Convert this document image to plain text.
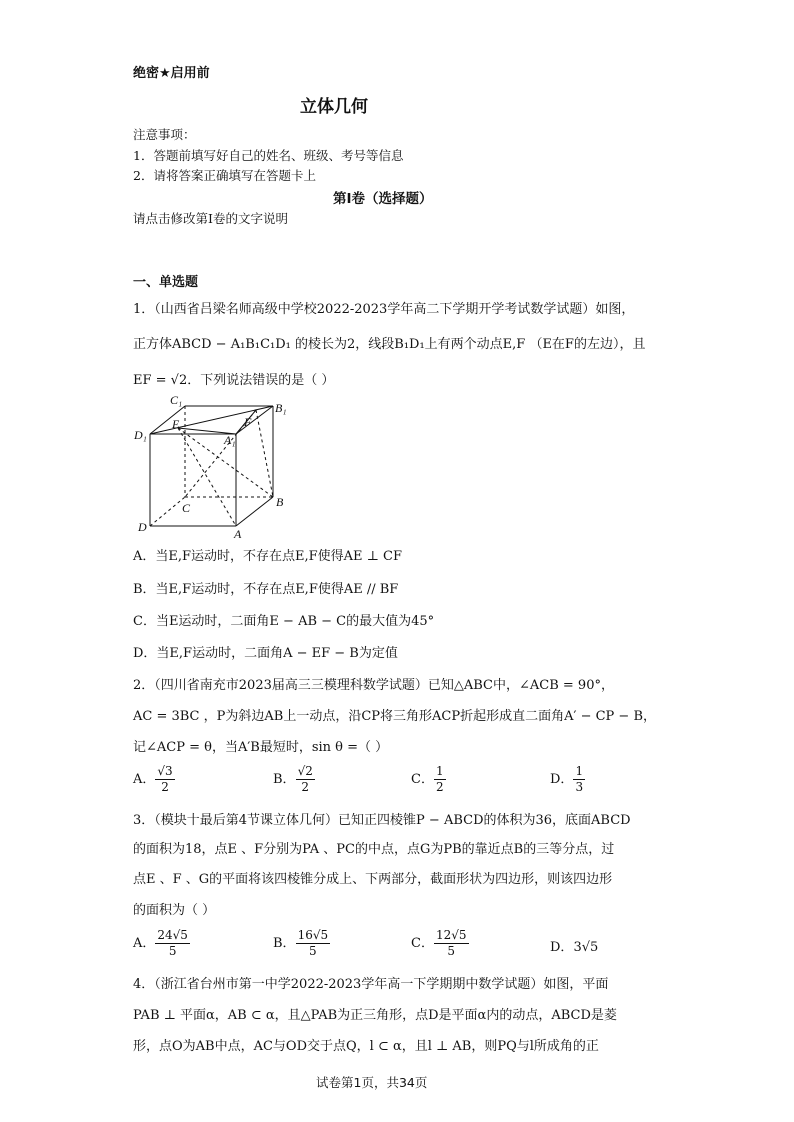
绝密★启用前
立体几何
注意事项：
1．答题前填写好自己的姓名、班级、考号等信息
2．请将答案正确填写在答题卡上
第I卷（选择题）
请点击修改第I卷的文字说明
一、单选题
1．（山西省吕梁名师高级中学校2022-2023学年高二下学期开学考试数学试题）如图，
正方体ABCD − A₁B₁C₁D₁ 的棱长为2，线段B₁D₁上有两个动点E,F （E在F的左边），且
EF = √2．下列说法错误的是（ ）
C₁
B₁
D₁
E	F
A₁
B
C
D	A
A．当E,F运动时，不存在点E,F使得AE ⊥ CF
B．当E,F运动时，不存在点E,F使得AE // BF
C．当E运动时，二面角E − AB − C的最大值为45°
D．当E,F运动时，二面角A − EF − B为定值
2．（四川省南充市2023届高三三模理科数学试题）已知△ABC中，∠ACB = 90°，
AC = 3BC ，P为斜边AB上一动点，沿CP将三角形ACP折起形成直二面角A′ − CP − B，
记∠ACP = θ，当A′B最短时，sin θ =（ ）
A． $\frac{√3}{2}$	B． $\frac{√2}{2}$	C． $\frac{1}{2}$	D． $\frac{1}{3}$
3．（模块十最后第4节课立体几何）已知正四棱锥P − ABCD的体积为36，底面ABCD
的面积为18，点E 、F分别为PA 、PC的中点，点G为PB的靠近点B的三等分点，过
点E 、F 、G的平面将该四棱锥分成上、下两部分，截面形状为四边形，则该四边形
的面积为（ ）
A． $\frac{24√5}{5}$	B． $\frac{16√5}{5}$	C． $\frac{12√5}{5}$	D．3√5
4．（浙江省台州市第一中学2022-2023学年高一下学期期中数学试题）如图，平面
PAB ⊥ 平面α，AB ⊂ α，且△PAB为正三角形，点D是平面α内的动点，ABCD是菱
形，点O为AB中点，AC与OD交于点Q，l ⊂ α，且l ⊥ AB，则PQ与l所成角的正
试卷第1页，共34页
